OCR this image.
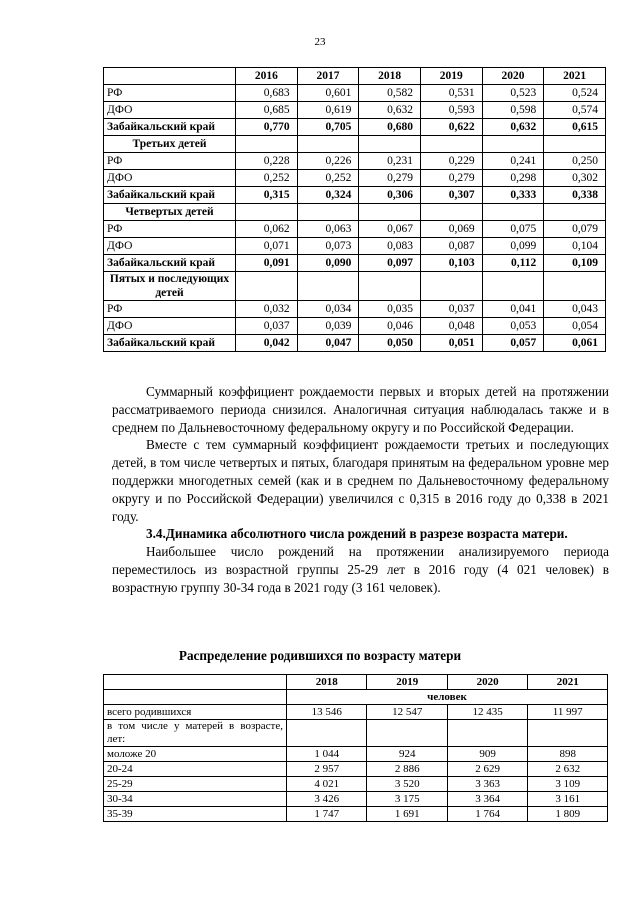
23
	2016	2017	2018	2019	2020	2021
РФ	0,683	0,601	0,582	0,531	0,523	0,524
ДФО	0,685	0,619	0,632	0,593	0,598	0,574
Забайкальский край	0,770	0,705	0,680	0,622	0,632	0,615
Третьих детей						
РФ	0,228	0,226	0,231	0,229	0,241	0,250
ДФО	0,252	0,252	0,279	0,279	0,298	0,302
Забайкальский край	0,315	0,324	0,306	0,307	0,333	0,338
Четвертых детей						
РФ	0,062	0,063	0,067	0,069	0,075	0,079
ДФО	0,071	0,073	0,083	0,087	0,099	0,104
Забайкальский край	0,091	0,090	0,097	0,103	0,112	0,109
Пятых и последующих детей						
РФ	0,032	0,034	0,035	0,037	0,041	0,043
ДФО	0,037	0,039	0,046	0,048	0,053	0,054
Забайкальский край	0,042	0,047	0,050	0,051	0,057	0,061

Суммарный коэффициент рождаемости первых и вторых детей на протяжении рассматриваемого периода снизился. Аналогичная ситуация наблюдалась также и в среднем по Дальневосточному федеральному округу и по Российской Федерации.

Вместе с тем суммарный коэффициент рождаемости третьих и последующих детей, в том числе четвертых и пятых, благодаря принятым на федеральном уровне мер поддержки многодетных семей (как и в среднем по Дальневосточному федеральному округу и по Российской Федерации) увеличился с 0,315 в 2016 году до 0,338 в 2021 году.

3.4.Динамика абсолютного числа рождений в разрезе возраста матери.

Наибольшее число рождений на протяжении анализируемого периода переместилось из возрастной группы 25-29 лет в 2016 году (4 021 человек) в возрастную группу 30-34 года в 2021 году (3 161 человек).

Распределение родившихся по возрасту матери
	2018	2019	2020	2021
	человек			
всего родившихся	13 546	12 547	12 435	11 997
в том числе у матерей в возрасте, лет:				
моложе 20	1 044	924	909	898
20-24	2 957	2 886	2 629	2 632
25-29	4 021	3 520	3 363	3 109
30-34	3 426	3 175	3 364	3 161
35-39	1 747	1 691	1 764	1 809
